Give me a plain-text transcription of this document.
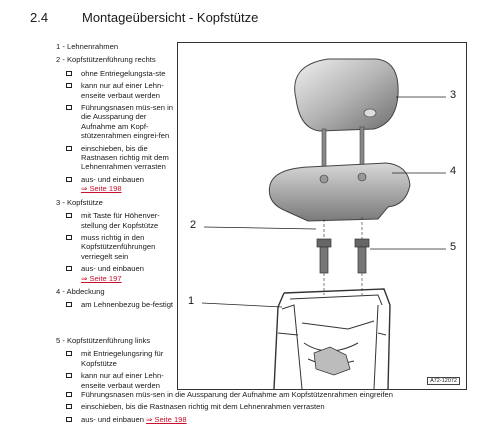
2.4	Montageübersicht - Kopfstütze
1 - Lehnenrahmen
2 - Kopfstützenführung rechts
ohne Entriegelungsta-ste
kann nur auf einer Lehn-enseite verbaut werden
Führungsnasen müs-sen in die Aussparung der Aufnahme am Kopf-stützenrahmen eingrei-fen
einschieben, bis die Rastnasen richtig mit dem Lehnenrahmen verrasten
aus- und einbauen
⇒ Seite 198
3 - Kopfstütze
mit Taste für Höhenver-stellung der Kopfstütze
muss richtig in den Kopfstützenführungen verriegelt sein
aus- und einbauen
⇒ Seite 197
4 - Abdeckung
am Lehnenbezug be-festigt
5 - Kopfstützenführung links
mit Entriegelungsring für Kopfstütze
kann nur auf einer Lehn-enseite verbaut werden
Führungsnasen müs-sen in die Aussparung der Aufnahme am Kopfstützenrahmen eingreifen
einschieben, bis die Rastnasen richtig mit dem Lehnenrahmen verrasten
aus- und einbauen ⇒ Seite 198
3
4
2
5
1
A72-12072
